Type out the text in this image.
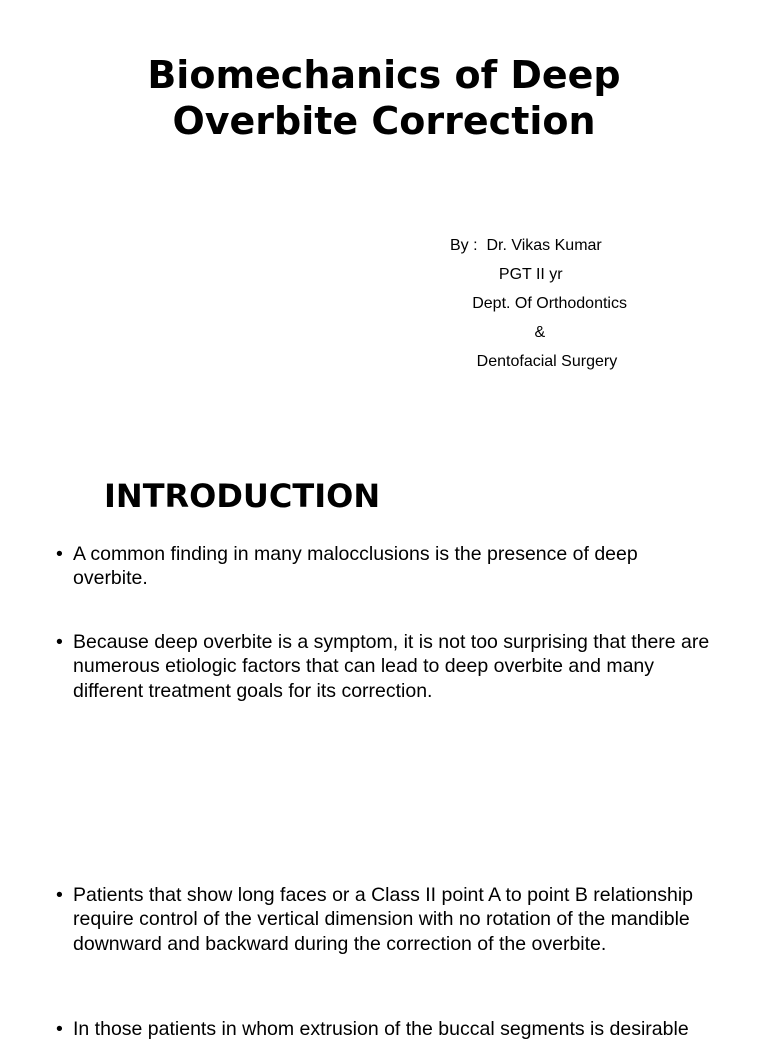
Biomechanics of Deep
Overbite Correction
By :  Dr. Vikas Kumar
PGT II yr
Dept. Of Orthodontics
&
Dentofacial Surgery
INTRODUCTION
• A common finding in many malocclusions is the presence of deep overbite.
• Because deep overbite is a symptom, it is not too surprising that there are numerous etiologic factors that can lead to deep overbite and many different treatment goals for its correction.
• Patients that show long faces or a Class II point A to point B relationship require control of the vertical dimension with no rotation of the mandible downward and backward during the correction of the overbite.
• In those patients in whom extrusion of the buccal segments is desirable
